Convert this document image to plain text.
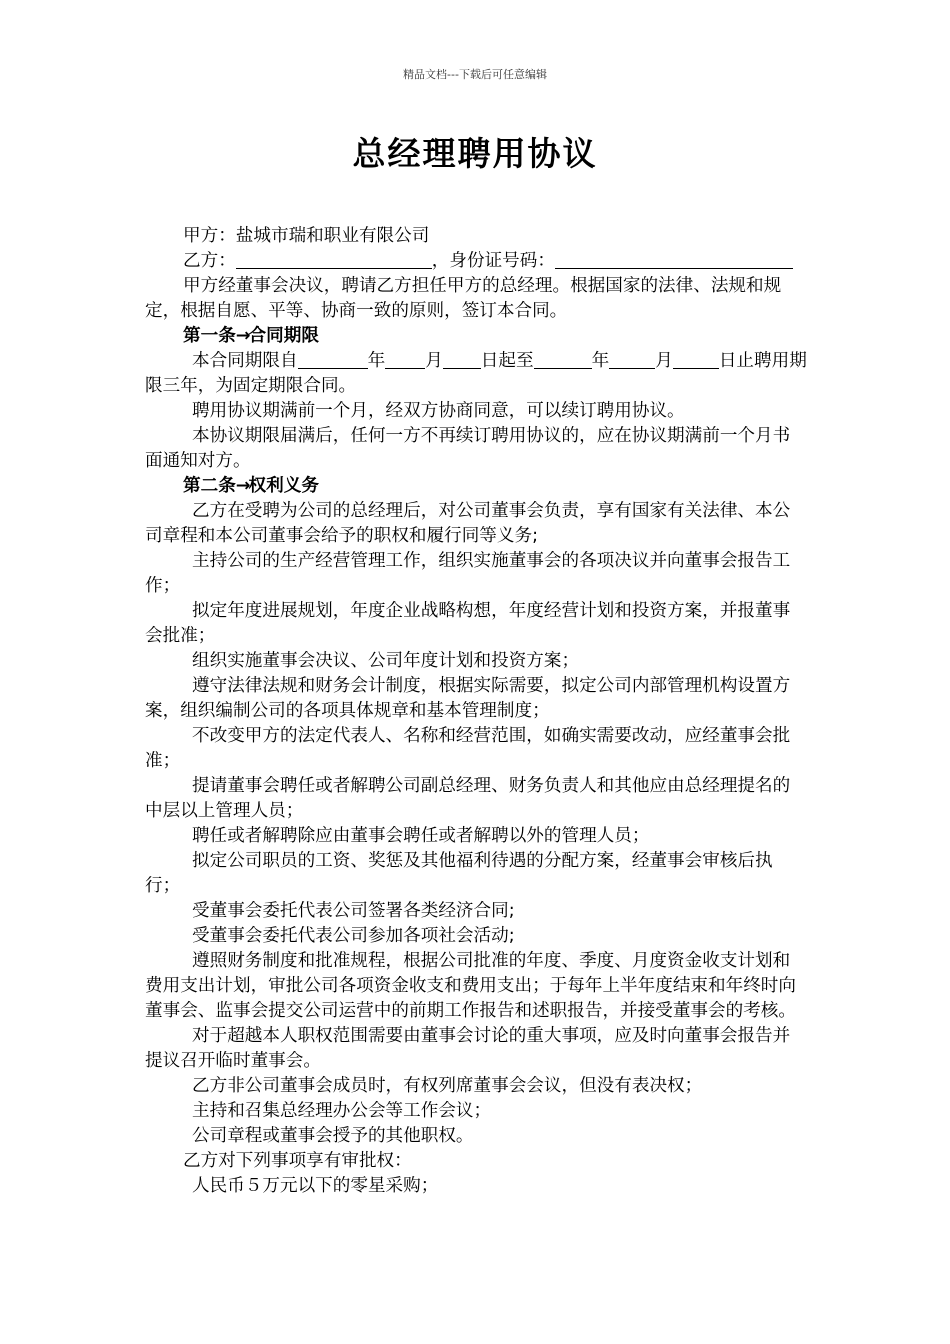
精品文档---下载后可任意编辑
总经理聘用协议

甲方：盐城市瑞和职业有限公司

乙方：	，身份证号码：

甲方经董事会决议，聘请乙方担任甲方的总经理。根据国家的法律、法规和规定，根据自愿、平等、协商一致的原则，签订本合同。

第一条→合同期限

本合同期限自	年 月 日起至	年	月	日止聘用期限三年，为固定期限合同。

聘用协议期满前一个月，经双方协商同意，可以续订聘用协议。

本协议期限届满后，任何一方不再续订聘用协议的，应在协议期满前一个月书面通知对方。

第二条→权利义务

乙方在受聘为公司的总经理后，对公司董事会负责，享有国家有关法律、本公司章程和本公司董事会给予的职权和履行同等义务;

主持公司的生产经营管理工作，组织实施董事会的各项决议并向董事会报告工作；

拟定年度进展规划，年度企业战略构想，年度经营计划和投资方案，并报董事会批准；

组织实施董事会决议、公司年度计划和投资方案；

遵守法律法规和财务会计制度，根据实际需要，拟定公司内部管理机构设置方案，组织编制公司的各项具体规章和基本管理制度；

不改变甲方的法定代表人、名称和经营范围，如确实需要改动，应经董事会批准；

提请董事会聘任或者解聘公司副总经理、财务负责人和其他应由总经理提名的中层以上管理人员；

聘任或者解聘除应由董事会聘任或者解聘以外的管理人员；

拟定公司职员的工资、奖惩及其他福利待遇的分配方案，经董事会审核后执行；

受董事会委托代表公司签署各类经济合同;

受董事会委托代表公司参加各项社会活动;

遵照财务制度和批准规程，根据公司批准的年度、季度、月度资金收支计划和费用支出计划，审批公司各项资金收支和费用支出；于每年上半年度结束和年终时向董事会、监事会提交公司运营中的前期工作报告和述职报告，并接受董事会的考核。

对于超越本人职权范围需要由董事会讨论的重大事项，应及时向董事会报告并提议召开临时董事会。

乙方非公司董事会成员时，有权列席董事会会议，但没有表决权；

主持和召集总经理办公会等工作会议；

公司章程或董事会授予的其他职权。

乙方对下列事项享有审批权：

人民币５万元以下的零星采购；
